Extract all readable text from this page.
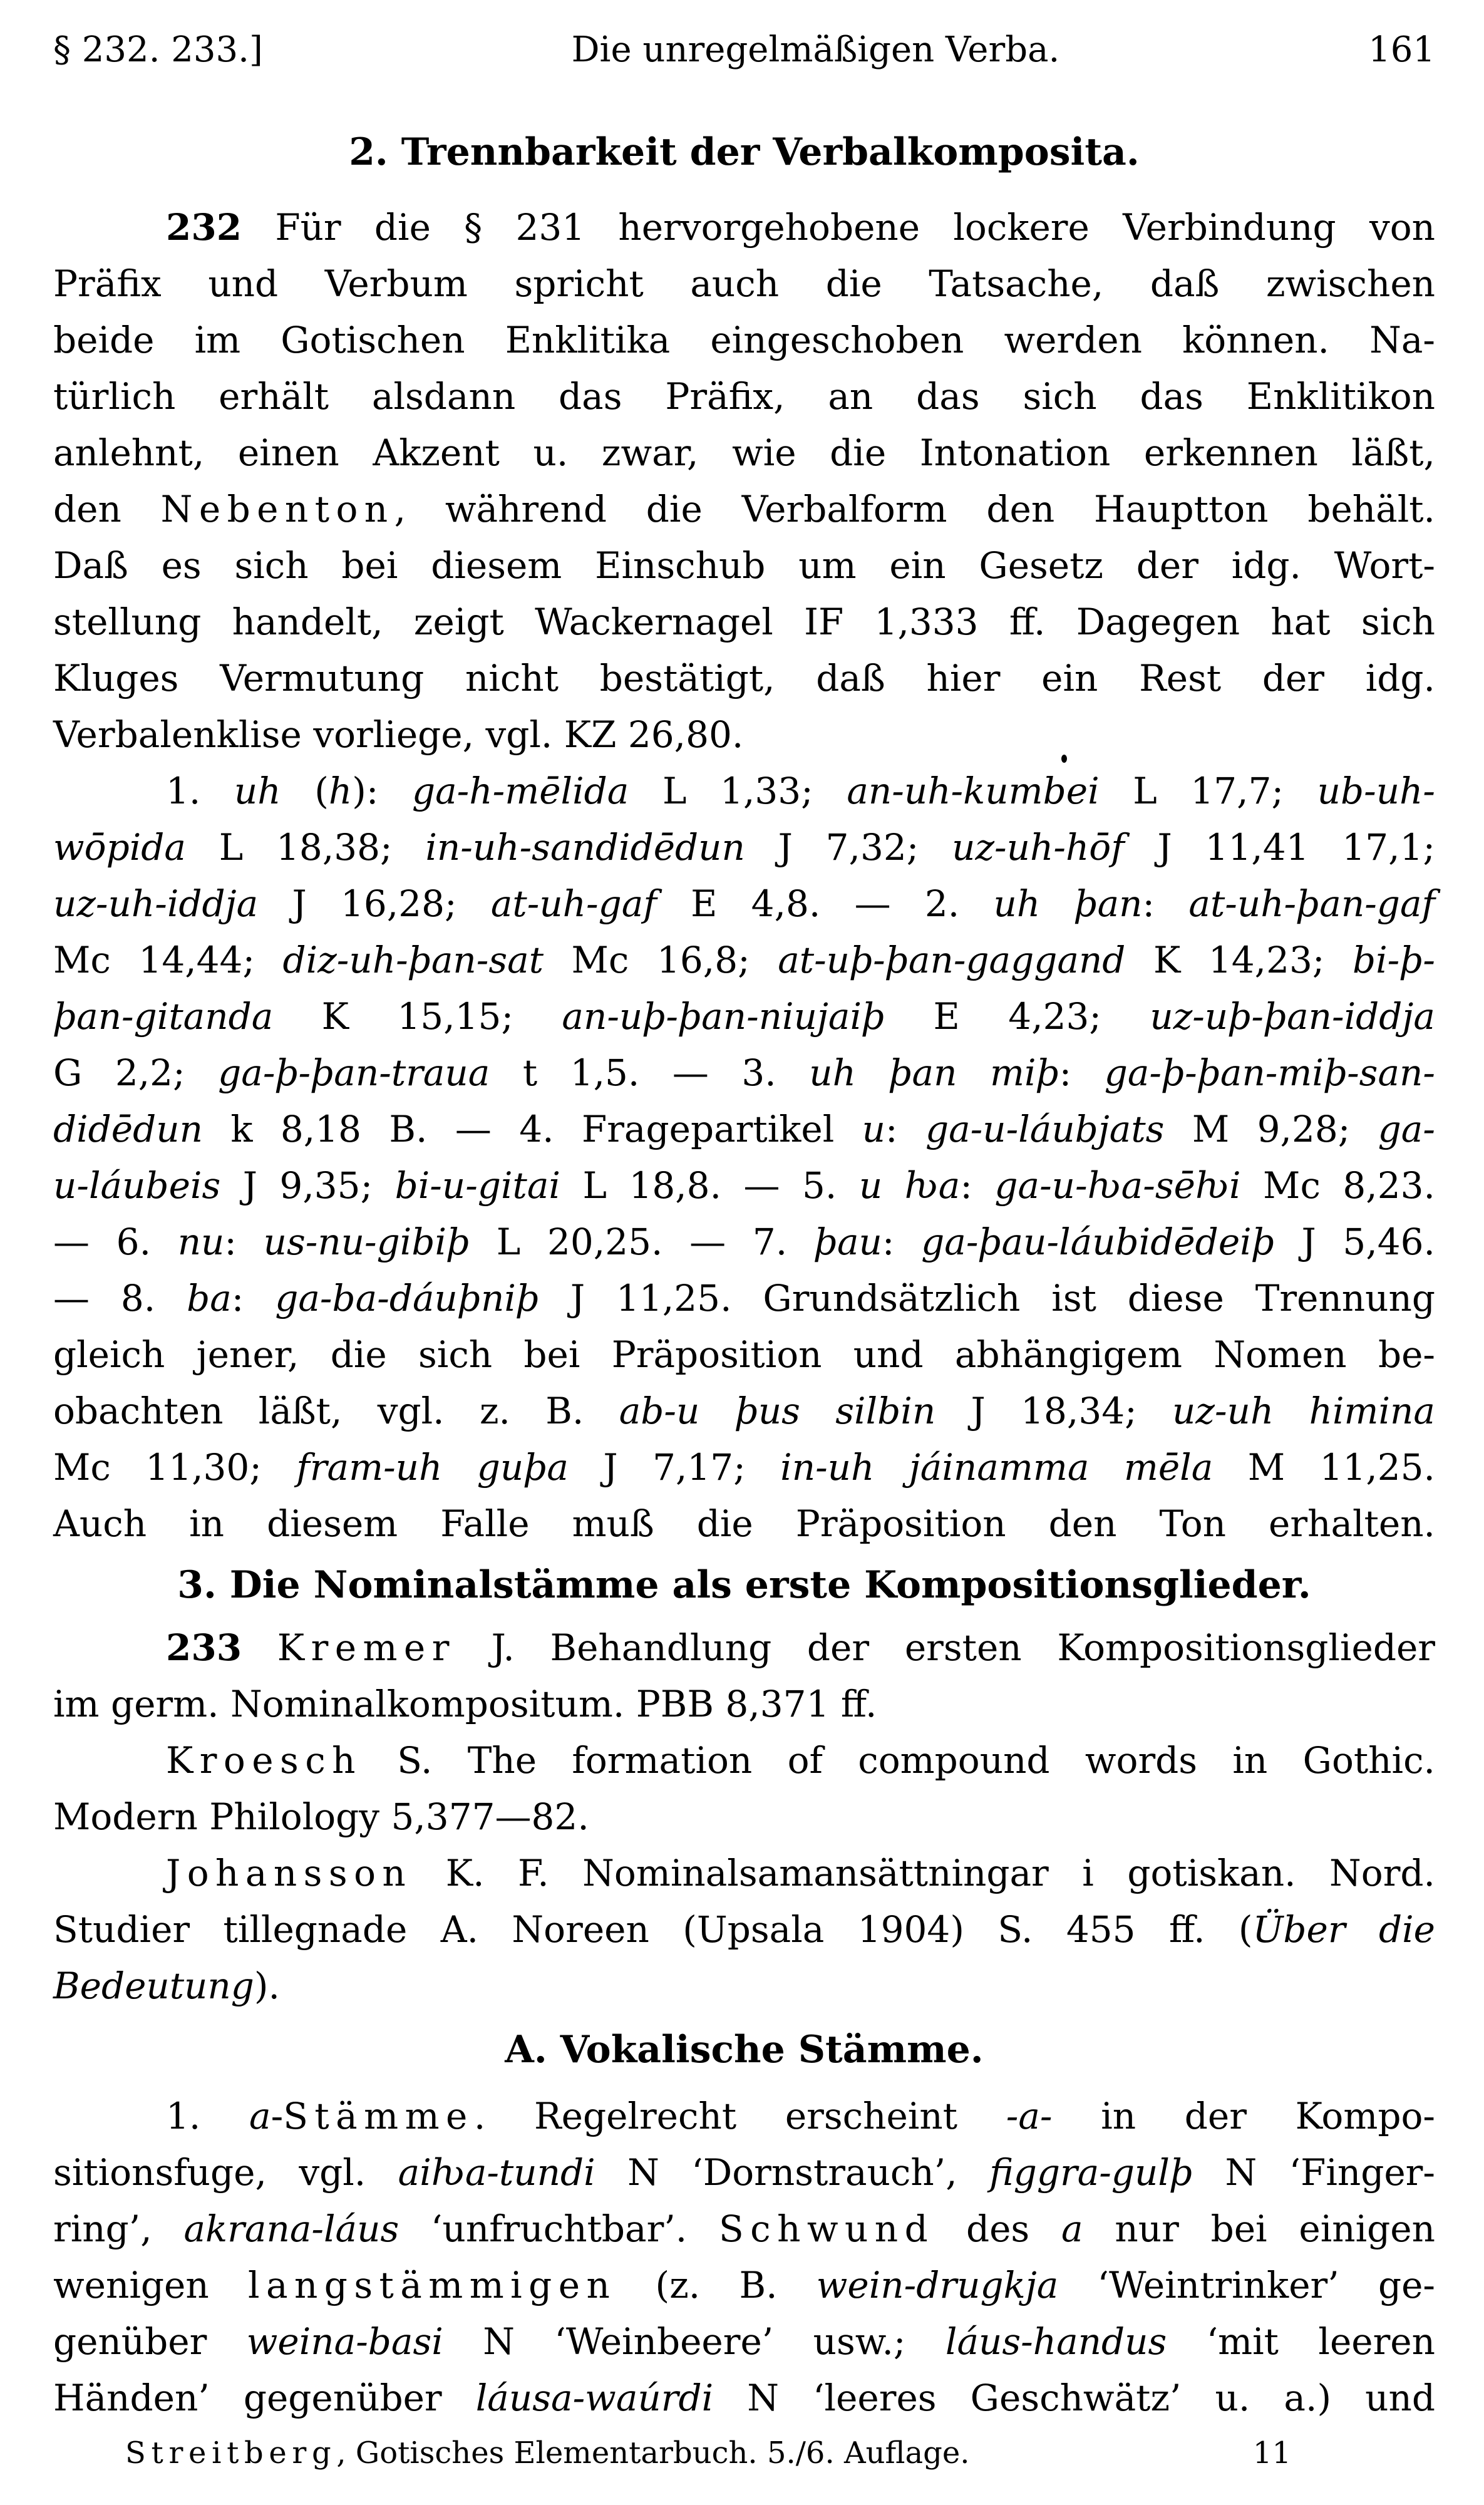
§ 232. 233.]	Die unregelmäßigen Verba.	161
2. Trennbarkeit der Verbalkomposita.
232 Für die § 231 hervorgehobene lockere Verbindung von
Präfix und Verbum spricht auch die Tatsache, daß zwischen
beide im Gotischen Enklitika eingeschoben werden können. Na-
türlich erhält alsdann das Präfix, an das sich das Enklitikon
anlehnt, einen Akzent u. zwar, wie die Intonation erkennen läßt,
den Nebenton, während die Verbalform den Hauptton behält.
Daß es sich bei diesem Einschub um ein Gesetz der idg. Wort-
stellung handelt, zeigt Wackernagel IF 1,333 ff. Dagegen hat sich
Kluges Vermutung nicht bestätigt, daß hier ein Rest der idg.
Verbalenklise vorliege, vgl. KZ 26,80.
1. uh (h): ga-h-mēlida L 1,33; an-uh-kumbei L 17,7; ub-uh-
wōpida L 18,38; in-uh-sandidēdun J 7,32; uz-uh-hōf J 11,41 17,1;
uz-uh-iddja J 16,28; at-uh-gaf E 4,8. — 2. uh þan: at-uh-þan-gaf
Mc 14,44; diz-uh-þan-sat Mc 16,8; at-uþ-þan-gaggand K 14,23; bi-þ-
þan-gitanda K 15,15; an-uþ-þan-niujaiþ E 4,23; uz-uþ-þan-iddja
G 2,2; ga-þ-þan-traua t 1,5. — 3. uh þan miþ: ga-þ-þan-miþ-san-
didēdun k 8,18 B. — 4. Fragepartikel u: ga-u-láubjats M 9,28; ga-
u-láubeis J 9,35; bi-u-gitai L 18,8. — 5. u ƕa: ga-u-ƕa-sēƕi Mc 8,23.
— 6. nu: us-nu-gibiþ L 20,25. — 7. þau: ga-þau-láubidēdeiþ J 5,46.
— 8. ba: ga-ba-dáuþniþ J 11,25. Grundsätzlich ist diese Trennung
gleich jener, die sich bei Präposition und abhängigem Nomen be-
obachten läßt, vgl. z. B. ab-u þus silbin J 18,34; uz-uh himina
Mc 11,30; fram-uh guþa J 7,17; in-uh jáinamma mēla M 11,25.
Auch in diesem Falle muß die Präposition den Ton erhalten.
3. Die Nominalstämme als erste Kompositionsglieder.
233 Kremer J. Behandlung der ersten Kompositionsglieder
im germ. Nominalkompositum. PBB 8,371 ff.
Kroesch S. The formation of compound words in Gothic.
Modern Philology 5,377—82.
Johansson K. F. Nominalsamansättningar i gotiskan. Nord.
Studier tillegnade A. Noreen (Upsala 1904) S. 455 ff. (Über die
Bedeutung).
A. Vokalische Stämme.
1. a-Stämme. Regelrecht erscheint -a- in der Kompo-
sitionsfuge, vgl. aiƕa-tundi N ‘Dornstrauch’, figgra-gulþ N ‘Finger-
ring’, akrana-láus ‘unfruchtbar’. Schwund des a nur bei einigen
wenigen langstämmigen (z. B. wein-drugkja ‘Weintrinker’ ge-
genüber weina-basi N ‘Weinbeere’ usw.; láus-handus ‘mit leeren
Händen’ gegenüber láusa-waúrdi N ‘leeres Geschwätz’ u. a.) und
Streitberg, Gotisches Elementarbuch. 5./6. Auflage.	11
